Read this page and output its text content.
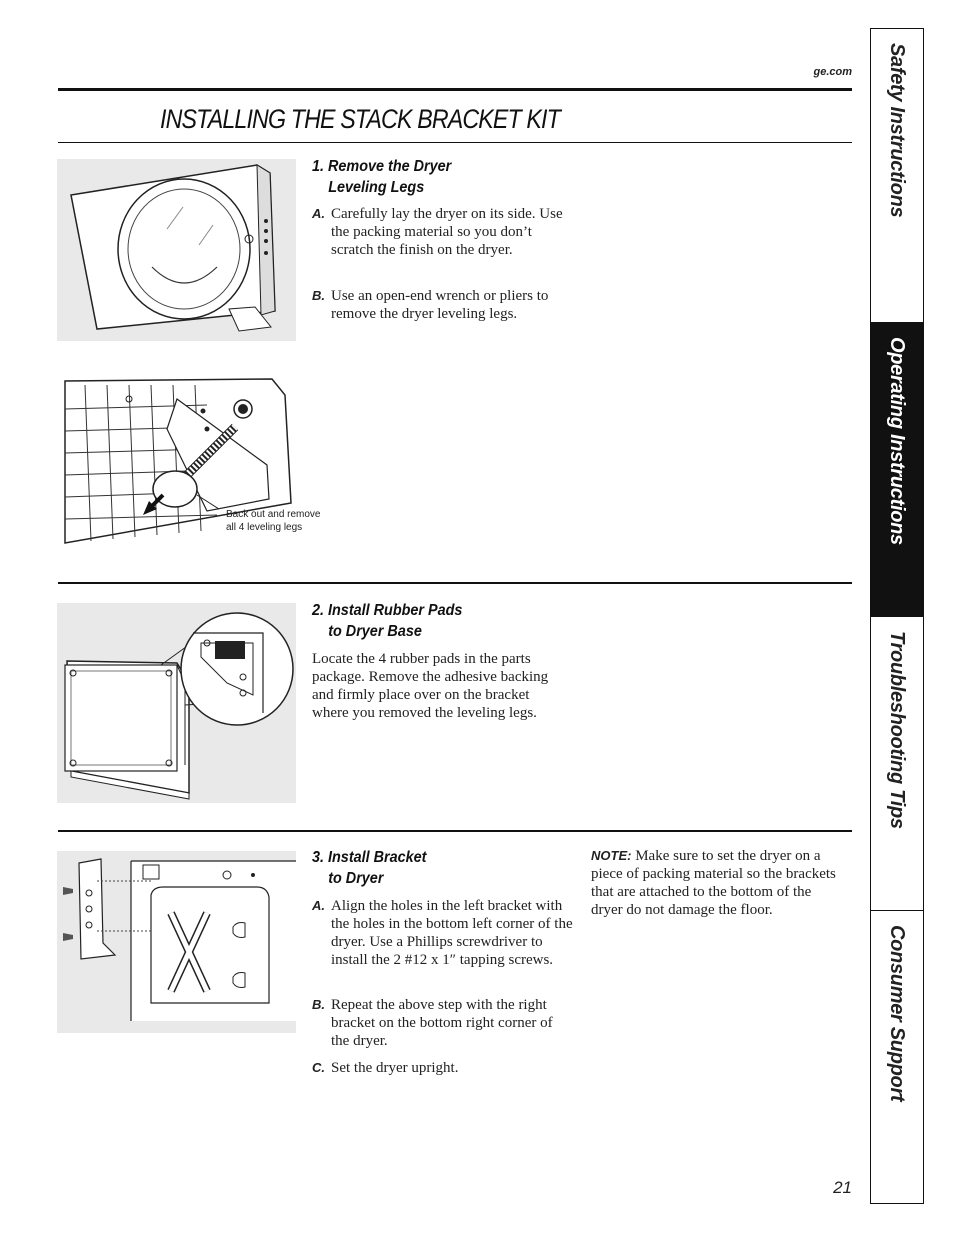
ge.com
INSTALLING THE STACK BRACKET KIT
1. Remove the Dryer
Leveling Legs
A. Carefully lay the dryer on its side. Use the packing material so you don’t scratch the finish on the dryer.
B. Use an open-end wrench or pliers to remove the dryer leveling legs.
Back out and remove
all 4 leveling legs
2. Install Rubber Pads
to Dryer Base
Locate the 4 rubber pads in the parts package. Remove the adhesive backing and firmly place over on the bracket where you removed the leveling legs.
3. Install Bracket
to Dryer
A. Align the holes in the left bracket with the holes in the bottom left corner of the dryer. Use a Phillips screwdriver to install the 2 #12 x 1″ tapping screws.
B. Repeat the above step with the right bracket on the bottom right corner of the dryer.
C. Set the dryer upright.
NOTE: Make sure to set the dryer on a piece of packing material so the brackets that are attached to the bottom of the dryer do not damage the floor.
21
Safety Instructions
Operating Instructions
Troubleshooting Tips
Consumer Support
